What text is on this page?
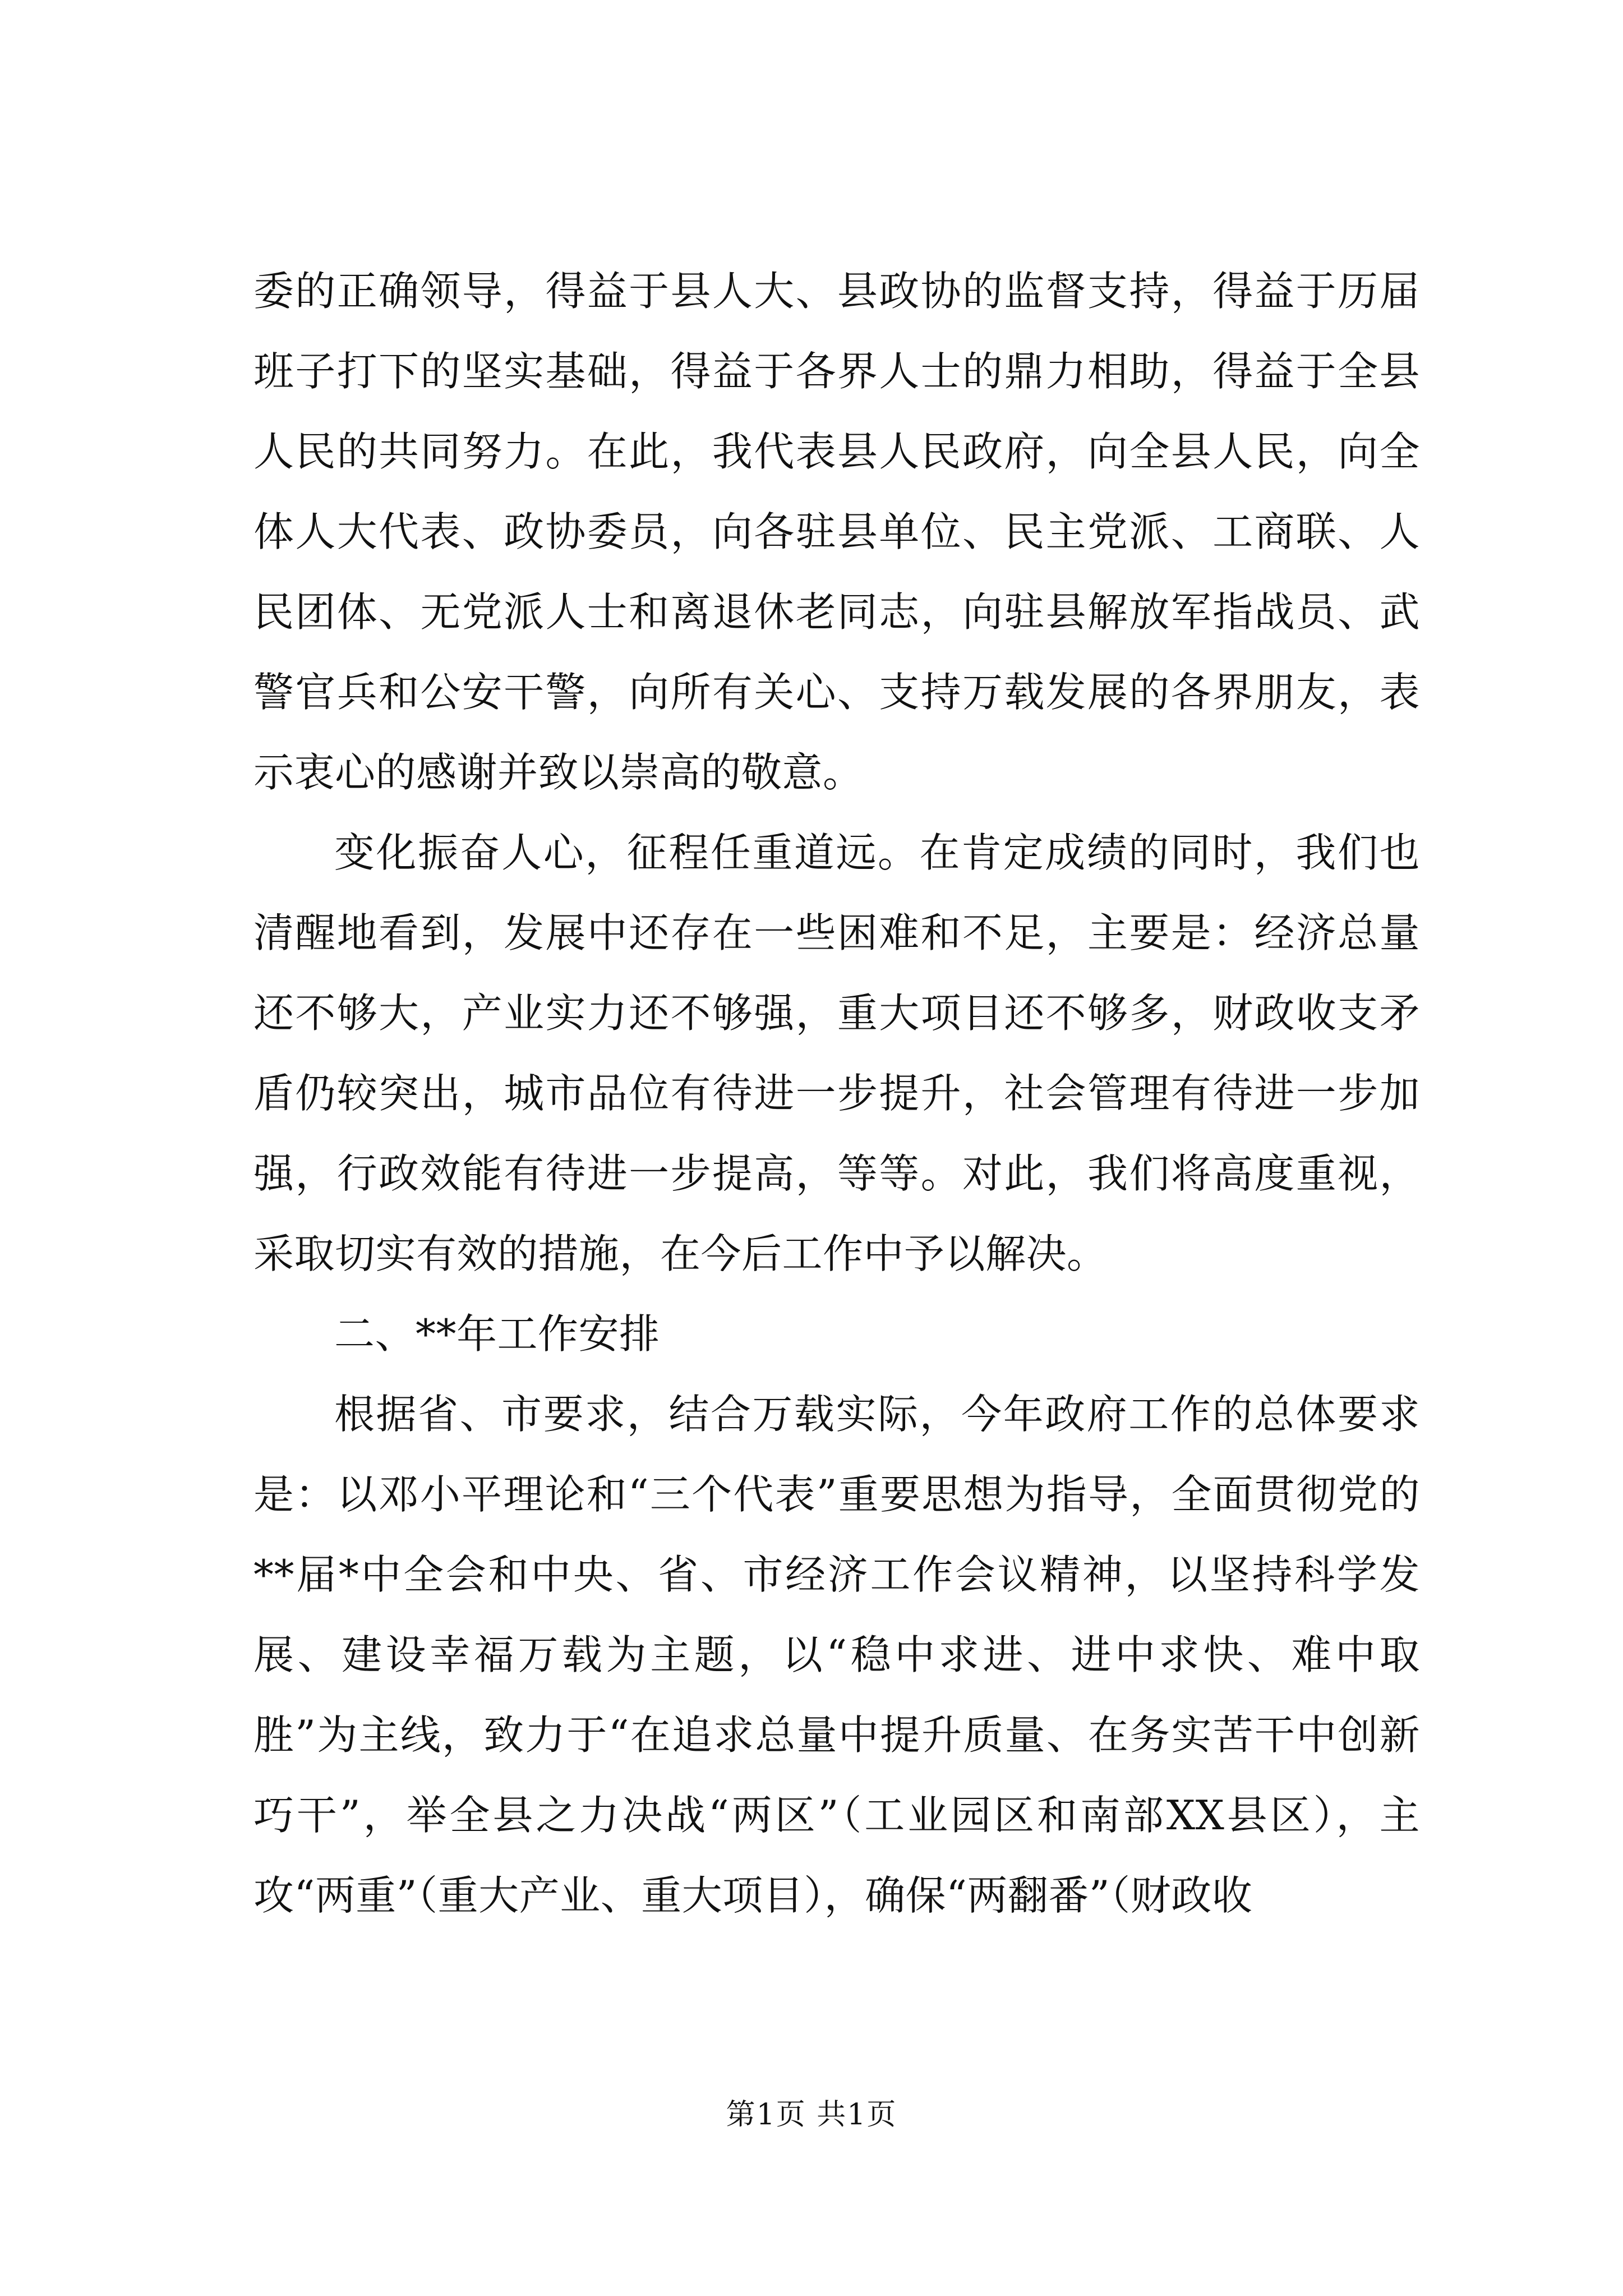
委的正确领导，得益于县人大、县政协的监督支持，得益于历届班子打下的坚实基础，得益于各界人士的鼎力相助，得益于全县人民的共同努力。在此，我代表县人民政府，向全县人民，向全体人大代表、政协委员，向各驻县单位、民主党派、工商联、人民团体、无党派人士和离退休老同志，向驻县解放军指战员、武警官兵和公安干警，向所有关心、支持万载发展的各界朋友，表示衷心的感谢并致以崇高的敬意。

变化振奋人心，征程任重道远。在肯定成绩的同时，我们也清醒地看到，发展中还存在一些困难和不足，主要是：经济总量还不够大，产业实力还不够强，重大项目还不够多，财政收支矛盾仍较突出，城市品位有待进一步提升，社会管理有待进一步加强，行政效能有待进一步提高，等等。对此，我们将高度重视，采取切实有效的措施，在今后工作中予以解决。

二、**年工作安排

根据省、市要求，结合万载实际，今年政府工作的总体要求是：以邓小平理论和“三个代表”重要思想为指导，全面贯彻党的**届*中全会和中央、省、市经济工作会议精神，以坚持科学发展、建设幸福万载为主题，以“稳中求进、进中求快、难中取胜”为主线，致力于“在追求总量中提升质量、在务实苦干中创新巧干”，举全县之力决战“两区”（工业园区和南部XX县区），主攻“两重”（重大产业、重大项目），确保“两翻番”（财政收

第1页 共1页
